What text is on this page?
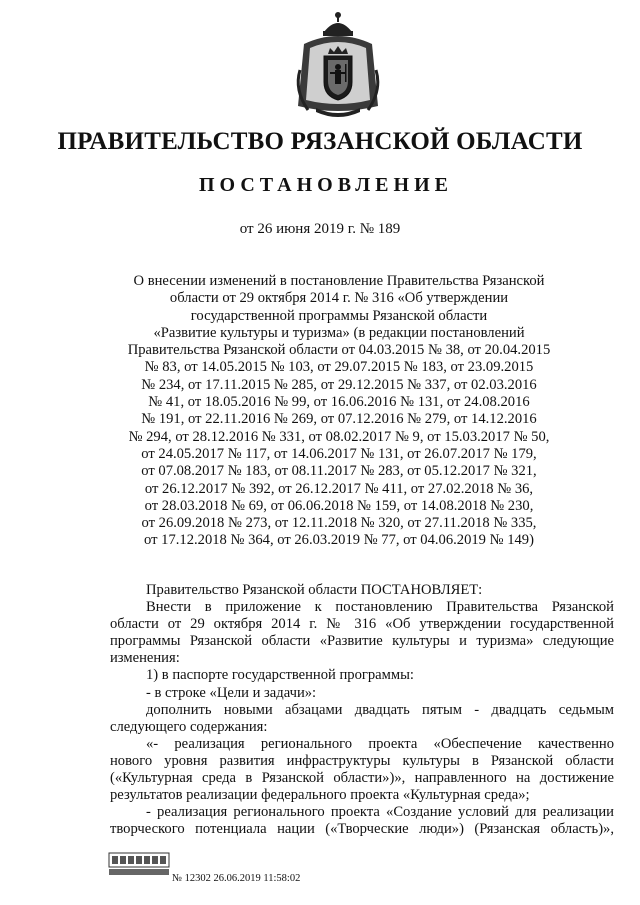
ПРАВИТЕЛЬСТВО РЯЗАНСКОЙ ОБЛАСТИ
ПОСТАНОВЛЕНИЕ
от 26 июня 2019 г. № 189
О внесении изменений в постановление Правительства Рязанской
области от 29 октября 2014 г. № 316 «Об утверждении
государственной программы Рязанской области
«Развитие культуры и туризма» (в редакции постановлений
Правительства Рязанской области от 04.03.2015 № 38, от 20.04.2015
№ 83, от 14.05.2015 № 103, от 29.07.2015 № 183, от 23.09.2015
№ 234, от 17.11.2015 № 285, от 29.12.2015 № 337, от 02.03.2016
№ 41, от 18.05.2016 № 99, от 16.06.2016 № 131, от 24.08.2016
№ 191, от 22.11.2016 № 269, от 07.12.2016 № 279, от 14.12.2016
№ 294, от 28.12.2016 № 331, от 08.02.2017 № 9, от 15.03.2017 № 50,
от 24.05.2017 № 117, от 14.06.2017 № 131, от 26.07.2017 № 179,
от 07.08.2017 № 183, от 08.11.2017 № 283, от 05.12.2017 № 321,
от 26.12.2017 № 392, от 26.12.2017 № 411, от 27.02.2018 № 36,
от 28.03.2018 № 69, от 06.06.2018 № 159, от 14.08.2018 № 230,
от 26.09.2018 № 273, от 12.11.2018 № 320, от 27.11.2018 № 335,
от 17.12.2018 № 364, от 26.03.2019 № 77, от 04.06.2019 № 149)
Правительство Рязанской области ПОСТАНОВЛЯЕТ:
Внести в приложение к постановлению Правительства Рязанской
области от 29 октября 2014 г. № 316 «Об утверждении государственной
программы Рязанской области «Развитие культуры и туризма» следующие
изменения:
1) в паспорте государственной программы:
- в строке «Цели и задачи»:
дополнить новыми абзацами двадцать пятым - двадцать седьмым
следующего содержания:
«- реализация регионального проекта «Обеспечение качественно
нового уровня развития инфраструктуры культуры в Рязанской области
(«Культурная среда в Рязанской области»)», направленного на достижение
результатов реализации федерального проекта «Культурная среда»;
- реализация регионального проекта «Создание условий для реализации
творческого потенциала нации («Творческие люди») (Рязанская область)»,
№ 12302 26.06.2019 11:58:02
